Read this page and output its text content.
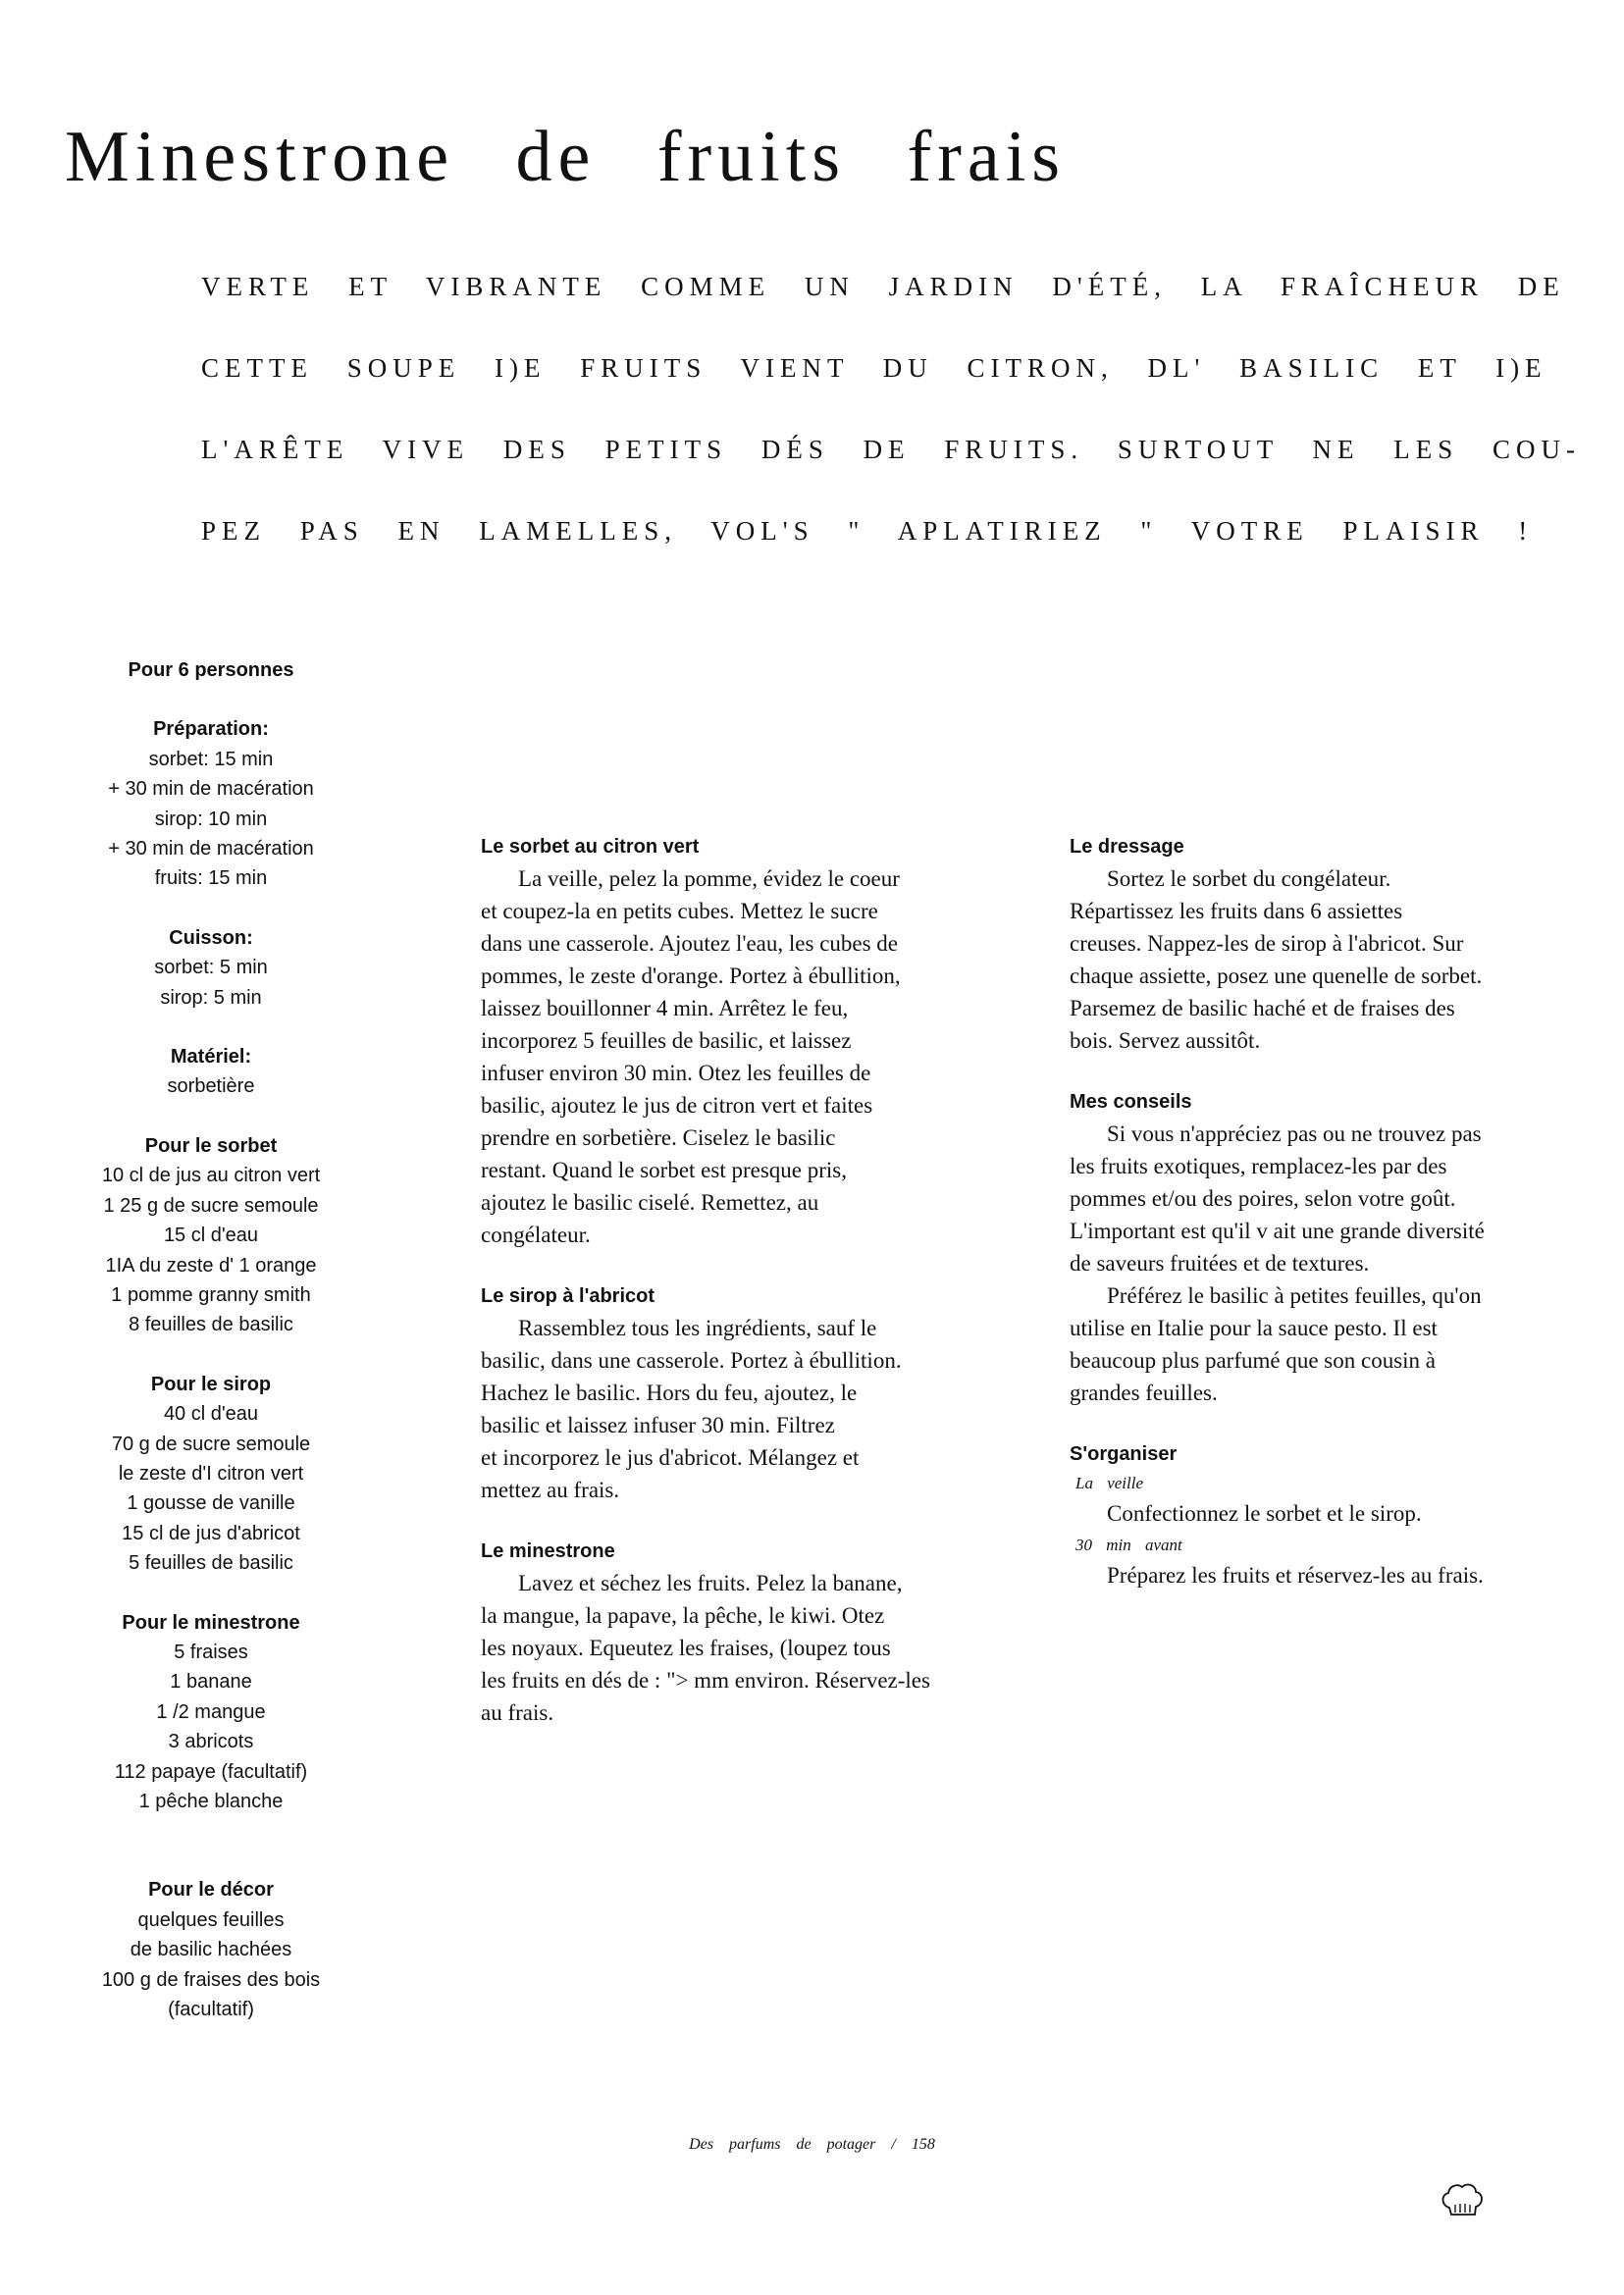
Minestrone de fruits frais
VERTE ET VIBRANTE COMME UN JARDIN D'ÉTÉ, LA FRAÎCHEUR DE
CETTE SOUPE I)E FRUITS VIENT DU CITRON, DL' BASILIC ET I)E
L'ARÊTE VIVE DES PETITS DÉS DE FRUITS. SURTOUT NE LES COU-
PEZ PAS EN LAMELLES, VOL'S " APLATIRIEZ " VOTRE PLAISIR !
Pour 6 personnes
Préparation:
sorbet: 15 min
+ 30 min de macération
sirop: 10 min
+ 30 min de macération
fruits: 15 min
Cuisson:
sorbet: 5 min
sirop: 5 min
Matériel:
sorbetière
Pour le sorbet
10 cl de jus au citron vert
1 25 g de sucre semoule
15 cl d'eau
1IA du zeste d' 1 orange
1 pomme granny smith
8 feuilles de basilic
Pour le sirop
40 cl d'eau
70 g de sucre semoule
le zeste d'I citron vert
1 gousse de vanille
15 cl de jus d'abricot
5 feuilles de basilic
Pour le minestrone
5 fraises
1 banane
1 /2 mangue
3 abricots
112 papaye (facultatif)
1 pêche blanche
Pour le décor
quelques feuilles
de basilic hachées
100 g de fraises des bois
(facultatif)
Le sorbet au citron vert
La veille, pelez la pomme, évidez le coeur
et coupez-la en petits cubes. Mettez le sucre
dans une casserole. Ajoutez l'eau, les cubes de
pommes, le zeste d'orange. Portez à ébullition,
laissez bouillonner 4 min. Arrêtez le feu,
incorporez 5 feuilles de basilic, et laissez
infuser environ 30 min. Otez les feuilles de
basilic, ajoutez le jus de citron vert et faites
prendre en sorbetière. Ciselez le basilic
restant. Quand le sorbet est presque pris,
ajoutez le basilic ciselé. Remettez, au
congélateur.
Le sirop à l'abricot
Rassemblez tous les ingrédients, sauf le
basilic, dans une casserole. Portez à ébullition.
Hachez le basilic. Hors du feu, ajoutez, le
basilic et laissez infuser 30 min. Filtrez
et incorporez le jus d'abricot. Mélangez et
mettez au frais.
Le minestrone
Lavez et séchez les fruits. Pelez la banane,
la mangue, la papave, la pêche, le kiwi. Otez
les noyaux. Equeutez les fraises, (loupez tous
les fruits en dés de : "> mm environ. Réservez-les
au frais.
Le dressage
Sortez le sorbet du congélateur.
Répartissez les fruits dans 6 assiettes
creuses. Nappez-les de sirop à l'abricot. Sur
chaque assiette, posez une quenelle de sorbet.
Parsemez de basilic haché et de fraises des
bois. Servez aussitôt.
Mes conseils
Si vous n'appréciez pas ou ne trouvez pas
les fruits exotiques, remplacez-les par des
pommes et/ou des poires, selon votre goût.
L'important est qu'il v ait une grande diversité
de saveurs fruitées et de textures.
Préférez le basilic à petites feuilles, qu'on
utilise en Italie pour la sauce pesto. Il est
beaucoup plus parfumé que son cousin à
grandes feuilles.
S'organiser
La veille
Confectionnez le sorbet et le sirop.
30 min avant
Préparez les fruits et réservez-les au frais.
Des parfums de potager / 158
